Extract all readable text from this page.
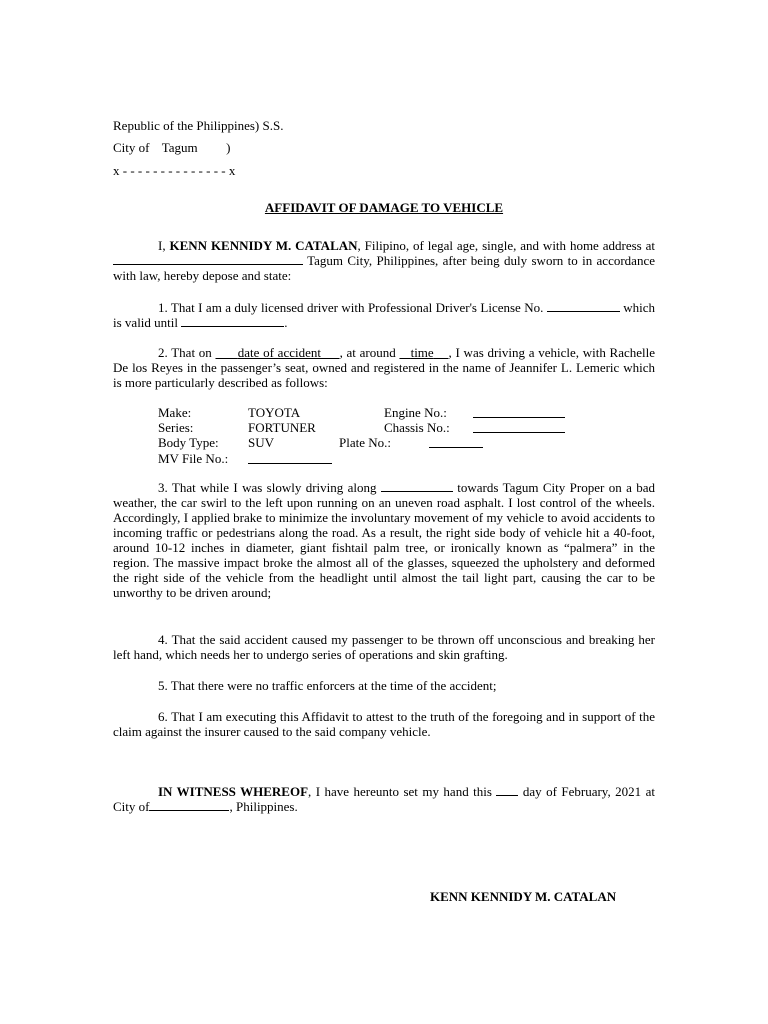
Republic of the Philippines) S.S.
City of Tagum )
x - - - - - - - - - - - - - - x
AFFIDAVIT OF DAMAGE TO VEHICLE

I, KENN KENNIDY M. CATALAN, Filipino, of legal age, single, and with home address at  Tagum City, Philippines, after being duly sworn to in accordance with law, hereby depose and state:

1. That I am a duly licensed driver with Professional Driver's License No.	which is valid until	.

2. That on       date of accident , at around    time , I was driving a vehicle, with Rachelle De los Reyes in the passenger’s seat, owned and registered in the name of Jeannifer L. Lemeric which is more particularly described as follows:

Make:	TOYOTA	Engine No.:
Series:	FORTUNER	Chassis No.:
Body Type: SUV	Plate No.:
MV File No.:

3. That while I was slowly driving along	towards Tagum City Proper on a bad weather, the car swirl to the left upon running on an uneven road asphalt. I lost control of the wheels. Accordingly, I applied brake to minimize the involuntary movement of my vehicle to avoid accidents to incoming traffic or pedestrians along the road. As a result, the right side body of vehicle hit a 40-foot, around 10-12 inches in diameter, giant fishtail palm tree, or ironically known as “palmera” in the region. The massive impact broke the almost all of the glasses, squeezed the upholstery and deformed the right side of the vehicle from the headlight until almost the tail light part, causing the car to be unworthy to be driven around;

4. That the said accident caused my passenger to be thrown off unconscious and breaking her left hand, which needs her to undergo series of operations and skin grafting.

5. That there were no traffic enforcers at the time of the accident;

6. That I am executing this Affidavit to attest to the truth of the foregoing and in support of the claim against the insurer caused to the said company vehicle.

IN WITNESS WHEREOF, I have hereunto set my hand this  day of February, 2021 at City of	, Philippines.

KENN KENNIDY M. CATALAN
